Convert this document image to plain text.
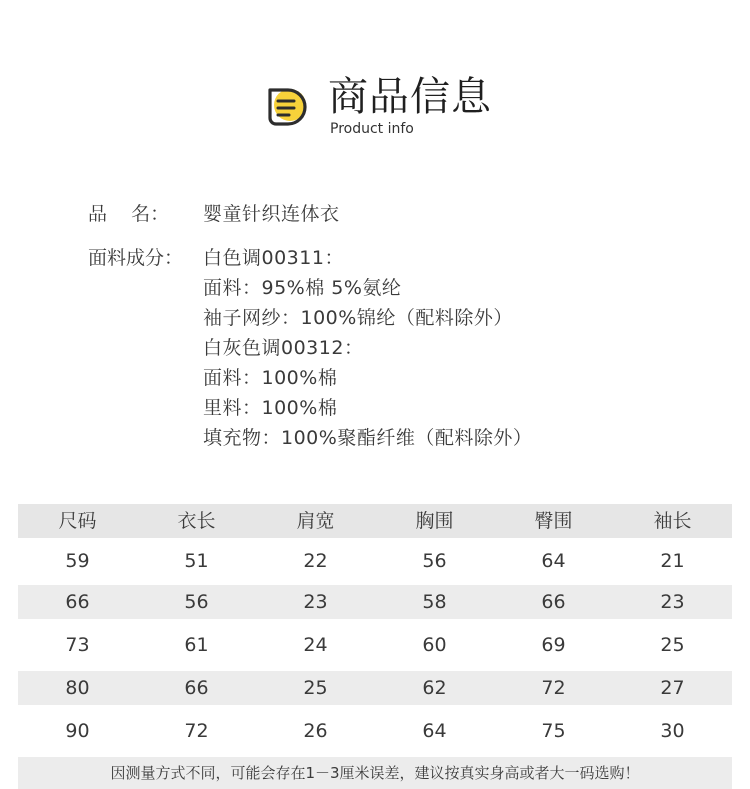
商品信息
Product info
品    名： 婴童针织连体衣
面料成分： 白色调00311：
面料：95%棉 5%氨纶
袖子网纱：100%锦纶（配料除外）
白灰色调00312：
面料：100%棉
里料：100%棉
填充物：100%聚酯纤维（配料除外）
尺码	衣长	肩宽	胸围	臀围	袖长
59	51	22	56	64	21
66	56	23	58	66	23
73	61	24	60	69	25
80	66	25	62	72	27
90	72	26	64	75	30
因测量方式不同，可能会存在1－3厘米误差，建议按真实身高或者大一码选购！
